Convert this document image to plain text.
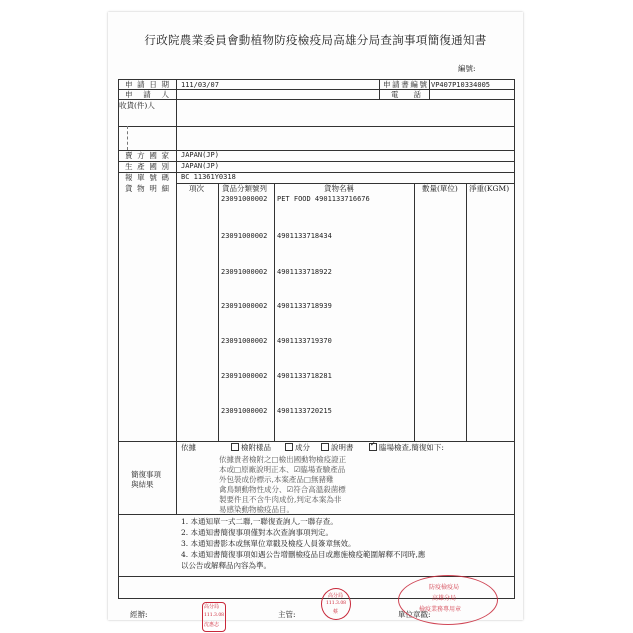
行政院農業委員會動植物防疫檢疫局高雄分局查詢事項簡復通知書
編號:
申請日期 111/03/07	申請書編號 VP407P10334005
申 請 人	電 話
收貨(件)人
賣方國家 JAPAN(JP)
生產國別 JAPAN(JP)
報單號碼 BC 11361Y0318
貨物明細	項次 貨品分類號列	貨物名稱	數量(單位) 淨重(KGM)
23091000002 PET FOOD 4901133716676
23091000002 4901133718434
23091000002 4901133718922
23091000002 4901133718939
23091000002 4901133719370
23091000002 4901133718281
23091000002 4901133720215
簡復事項
與結果
依據	檢附樣品	成分	說明書
✓	臨場檢查,簡復如下:
依據貴者檢附之□檢出國動物檢疫證正
本或□原廠說明正本、☑臨場查驗產品
外包裝成份標示,本案產品□無豬雞
禽鳥類動物性成分、☑符合高溫殺菌標
製要件且不含牛肉成份,判定本案為非
易感染動物檢疫品目。
1. 本通知單一式二聯,一聯復查詢人,一聯存查。
2. 本通知書簡復事項僅對本次查詢事項判定。
3. 本通知書影本或無單位章戳及檢疫人員簽章無效。
4. 本通知書簡復事項如遇公告增刪檢疫品目或應施檢疫範圍解釋不同時,應
以公告或解釋品內容為準。
經辦:	主管:	單位章戳:
高分局
111.3.08
沈惠志
高分局
111.3.08
蔡
防疫檢疫局
高雄分局
檢疫業務專用章
